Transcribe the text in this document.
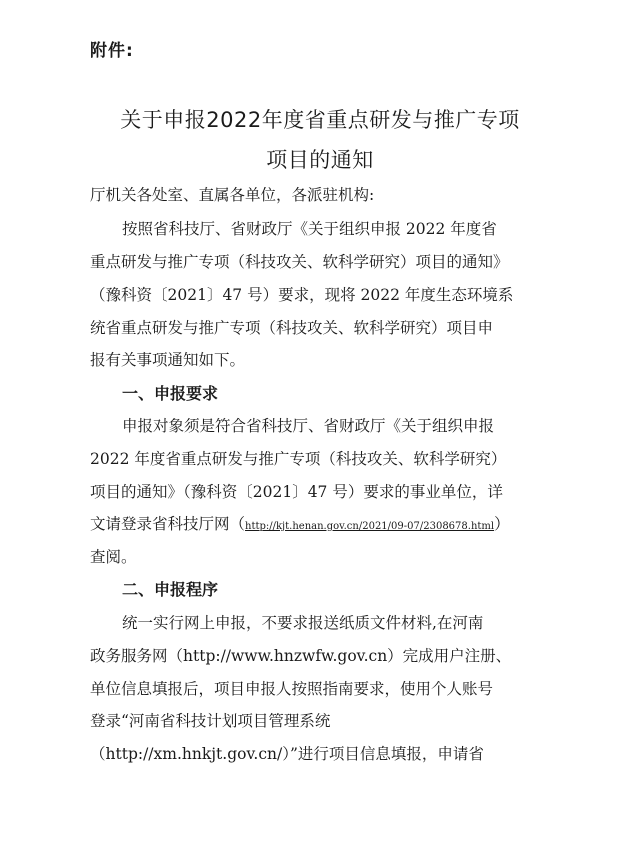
附件:
关于申报2022年度省重点研发与推广专项
项目的通知
厅机关各处室、直属各单位，各派驻机构:
按照省科技厅、省财政厅《关于组织申报 2022 年度省
重点研发与推广专项（科技攻关、软科学研究）项目的通知》
（豫科资〔2021〕47 号）要求，现将 2022 年度生态环境系
统省重点研发与推广专项（科技攻关、软科学研究）项目申
报有关事项通知如下。
一、申报要求
申报对象须是符合省科技厅、省财政厅《关于组织申报
2022 年度省重点研发与推广专项（科技攻关、软科学研究）
项目的通知》（豫科资〔2021〕47 号）要求的事业单位，详
文请登录省科技厅网（http://kjt.henan.gov.cn/2021/09-07/2308678.html）
查阅。
二、申报程序
统一实行网上申报，不要求报送纸质文件材料,在河南
政务服务网（http://www.hnzwfw.gov.cn）完成用户注册、
单位信息填报后，项目申报人按照指南要求，使用个人账号
登录“河南省科技计划项目管理系统
（http://xm.hnkjt.gov.cn/）”进行项目信息填报，申请省
